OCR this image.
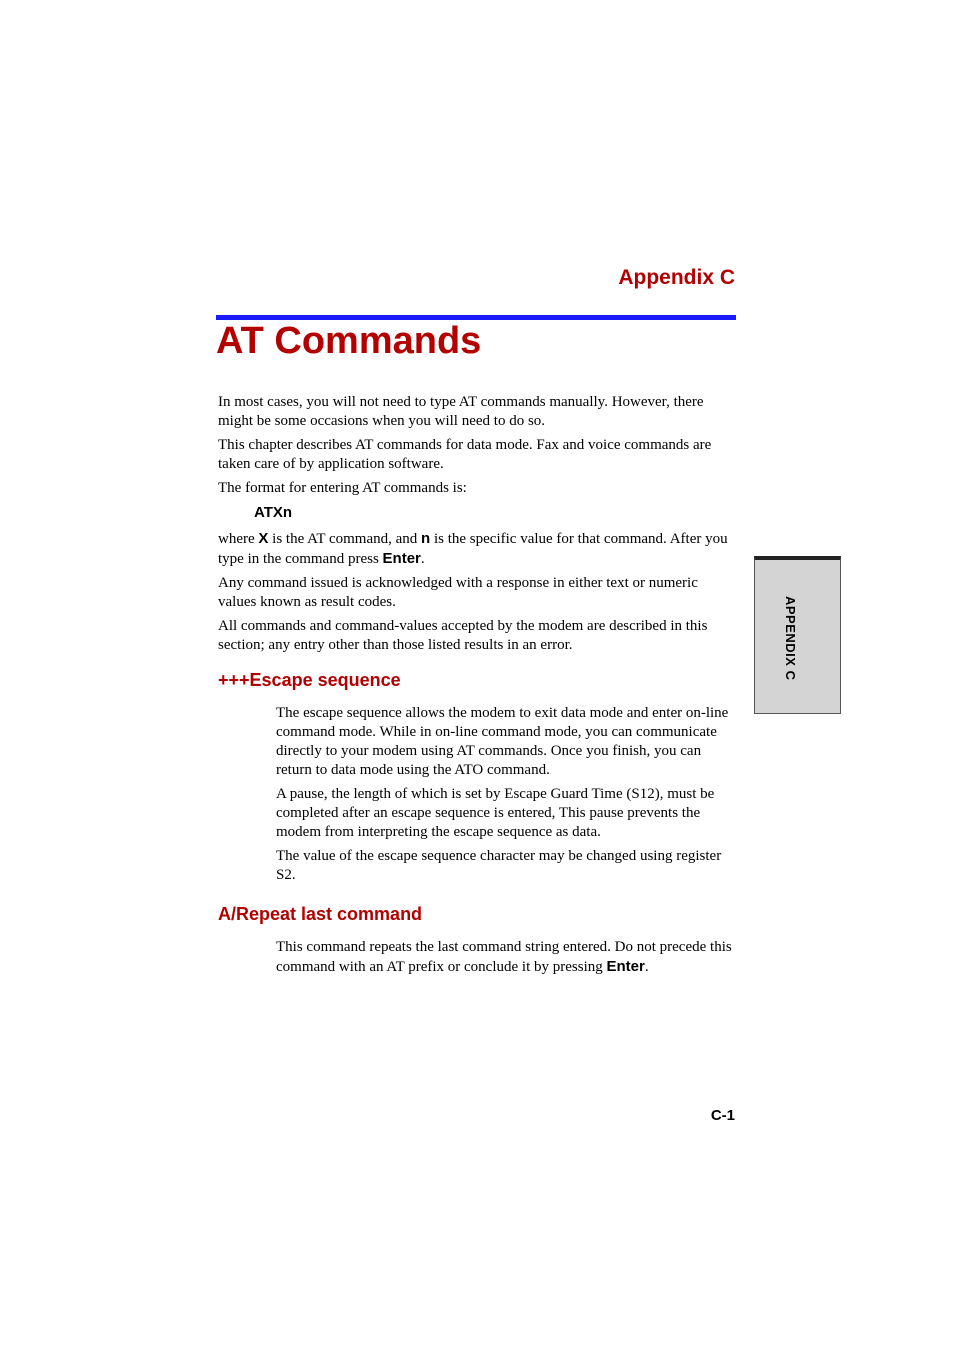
Appendix C
AT Commands

In most cases, you will not need to type AT commands manually. However, there might be some occasions when you will need to do so.

This chapter describes AT commands for data mode. Fax and voice commands are taken care of by application software.

The format for entering AT commands is:

ATXn

where X is the AT command, and n is the specific value for that command. After you type in the command press Enter.

Any command issued is acknowledged with a response in either text or numeric values known as result codes.

All commands and command-values accepted by the modem are described in this section; any entry other than those listed results in an error.

+++Escape sequence

The escape sequence allows the modem to exit data mode and enter on-line command mode. While in on-line command mode, you can communicate directly to your modem using AT commands. Once you finish, you can return to data mode using the ATO command.

A pause, the length of which is set by Escape Guard Time (S12), must be completed after an escape sequence is entered, This pause prevents the modem from interpreting the escape sequence as data.

The value of the escape sequence character may be changed using register S2.

A/Repeat last command

This command repeats the last command string entered. Do not precede this command with an AT prefix or conclude it by pressing Enter.

APPENDIX C
C-1
